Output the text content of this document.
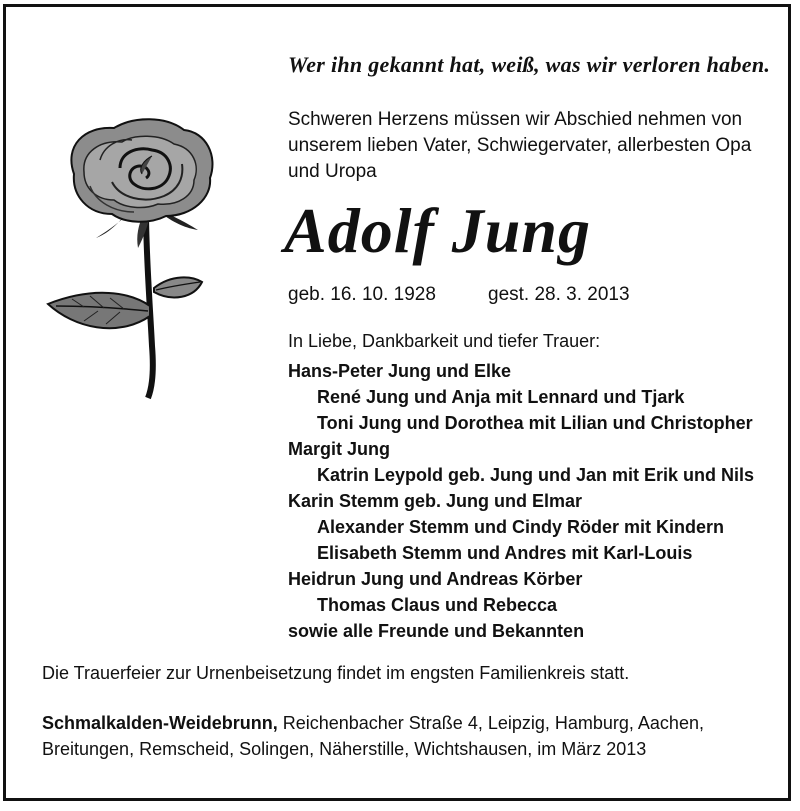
Wer ihn gekannt hat, weiß, was wir verloren haben.
Schweren Herzens müssen wir Abschied nehmen von
unserem lieben Vater, Schwiegervater, allerbesten Opa
und Uropa
Adolf Jung
geb. 16. 10. 1928	gest. 28. 3. 2013
In Liebe, Dankbarkeit und tiefer Trauer:
Hans-Peter Jung und Elke
René Jung und Anja mit Lennard und Tjark
Toni Jung und Dorothea mit Lilian und Christopher
Margit Jung
Katrin Leypold geb. Jung und Jan mit Erik und Nils
Karin Stemm geb. Jung und Elmar
Alexander Stemm und Cindy Röder mit Kindern
Elisabeth Stemm und Andres mit Karl-Louis
Heidrun Jung und Andreas Körber
Thomas Claus und Rebecca
sowie alle Freunde und Bekannten
Die Trauerfeier zur Urnenbeisetzung findet im engsten Familienkreis statt.
Schmalkalden-Weidebrunn, Reichenbacher Straße 4, Leipzig, Hamburg, Aachen,
Breitungen, Remscheid, Solingen, Näherstille, Wichtshausen, im März 2013
